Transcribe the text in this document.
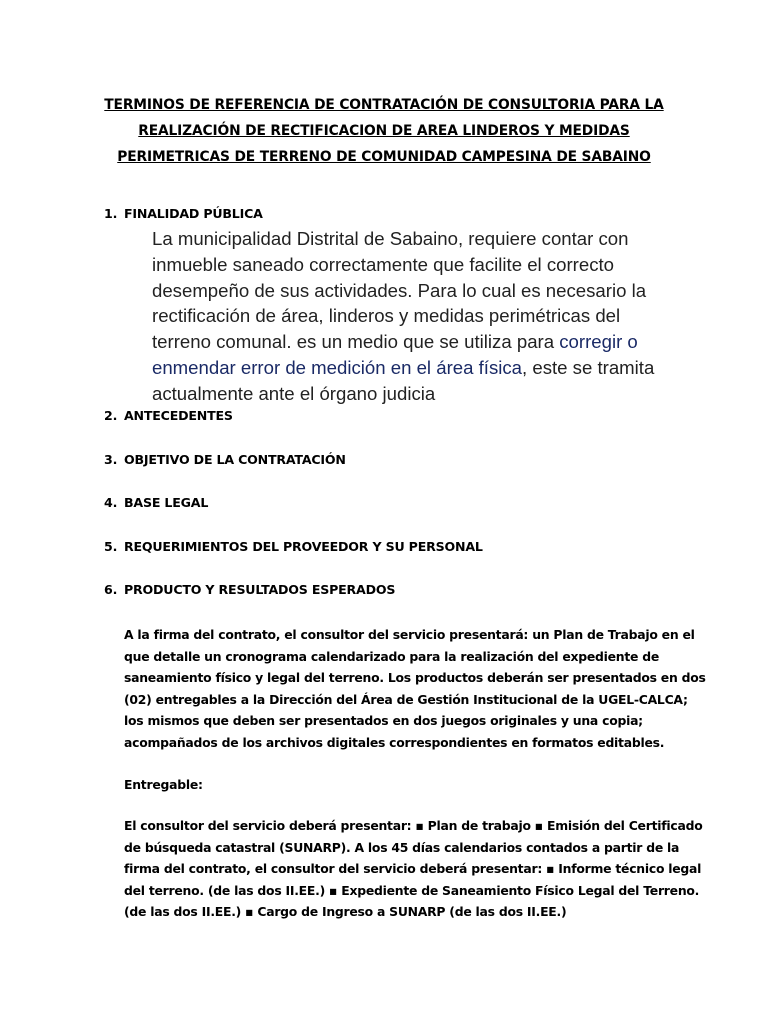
TERMINOS DE REFERENCIA DE CONTRATACIÓN DE CONSULTORIA PARA LA
REALIZACIÓN DE RECTIFICACION DE AREA LINDEROS Y MEDIDAS
PERIMETRICAS DE TERRENO DE COMUNIDAD CAMPESINA DE SABAINO
1. FINALIDAD PÚBLICA
La municipalidad Distrital de Sabaino, requiere contar con
inmueble saneado correctamente que facilite el correcto
desempeño de sus actividades. Para lo cual es necesario la
rectificación de área, linderos y medidas perimétricas del
terreno comunal. es un medio que se utiliza para corregir o
enmendar error de medición en el área física, este se tramita
actualmente ante el órgano judicia
2. ANTECEDENTES
3. OBJETIVO DE LA CONTRATACIÓN
4. BASE LEGAL
5. REQUERIMIENTOS DEL PROVEEDOR Y SU PERSONAL
6. PRODUCTO Y RESULTADOS ESPERADOS
A la firma del contrato, el consultor del servicio presentará: un Plan de Trabajo en el
que detalle un cronograma calendarizado para la realización del expediente de
saneamiento físico y legal del terreno. Los productos deberán ser presentados en dos
(02) entregables a la Dirección del Área de Gestión Institucional de la UGEL-CALCA;
los mismos que deben ser presentados en dos juegos originales y una copia;
acompañados de los archivos digitales correspondientes en formatos editables.
Entregable:
El consultor del servicio deberá presentar: ▪ Plan de trabajo ▪ Emisión del Certificado
de búsqueda catastral (SUNARP). A los 45 días calendarios contados a partir de la
firma del contrato, el consultor del servicio deberá presentar: ▪ Informe técnico legal
del terreno. (de las dos II.EE.) ▪ Expediente de Saneamiento Físico Legal del Terreno.
(de las dos II.EE.) ▪ Cargo de Ingreso a SUNARP (de las dos II.EE.)
